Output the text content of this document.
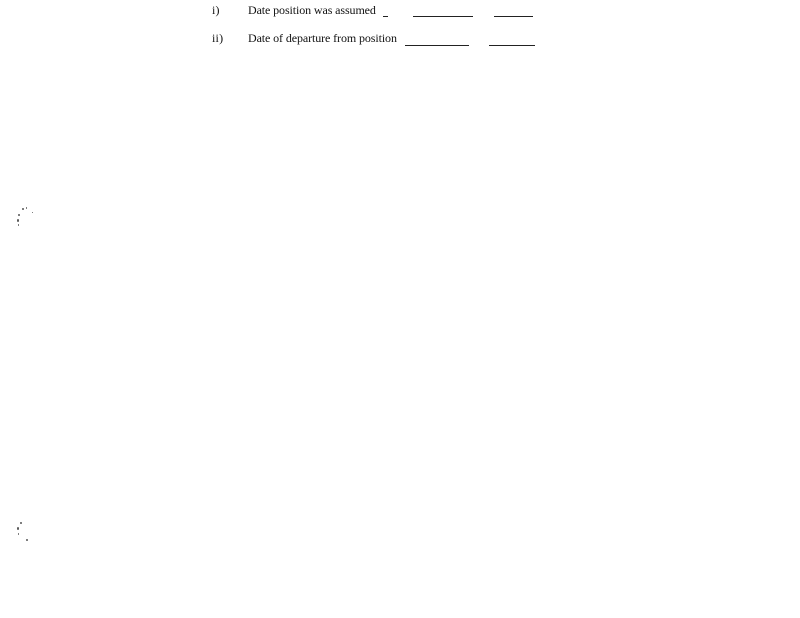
i) Date position was assumed
ii) Date of departure from position
